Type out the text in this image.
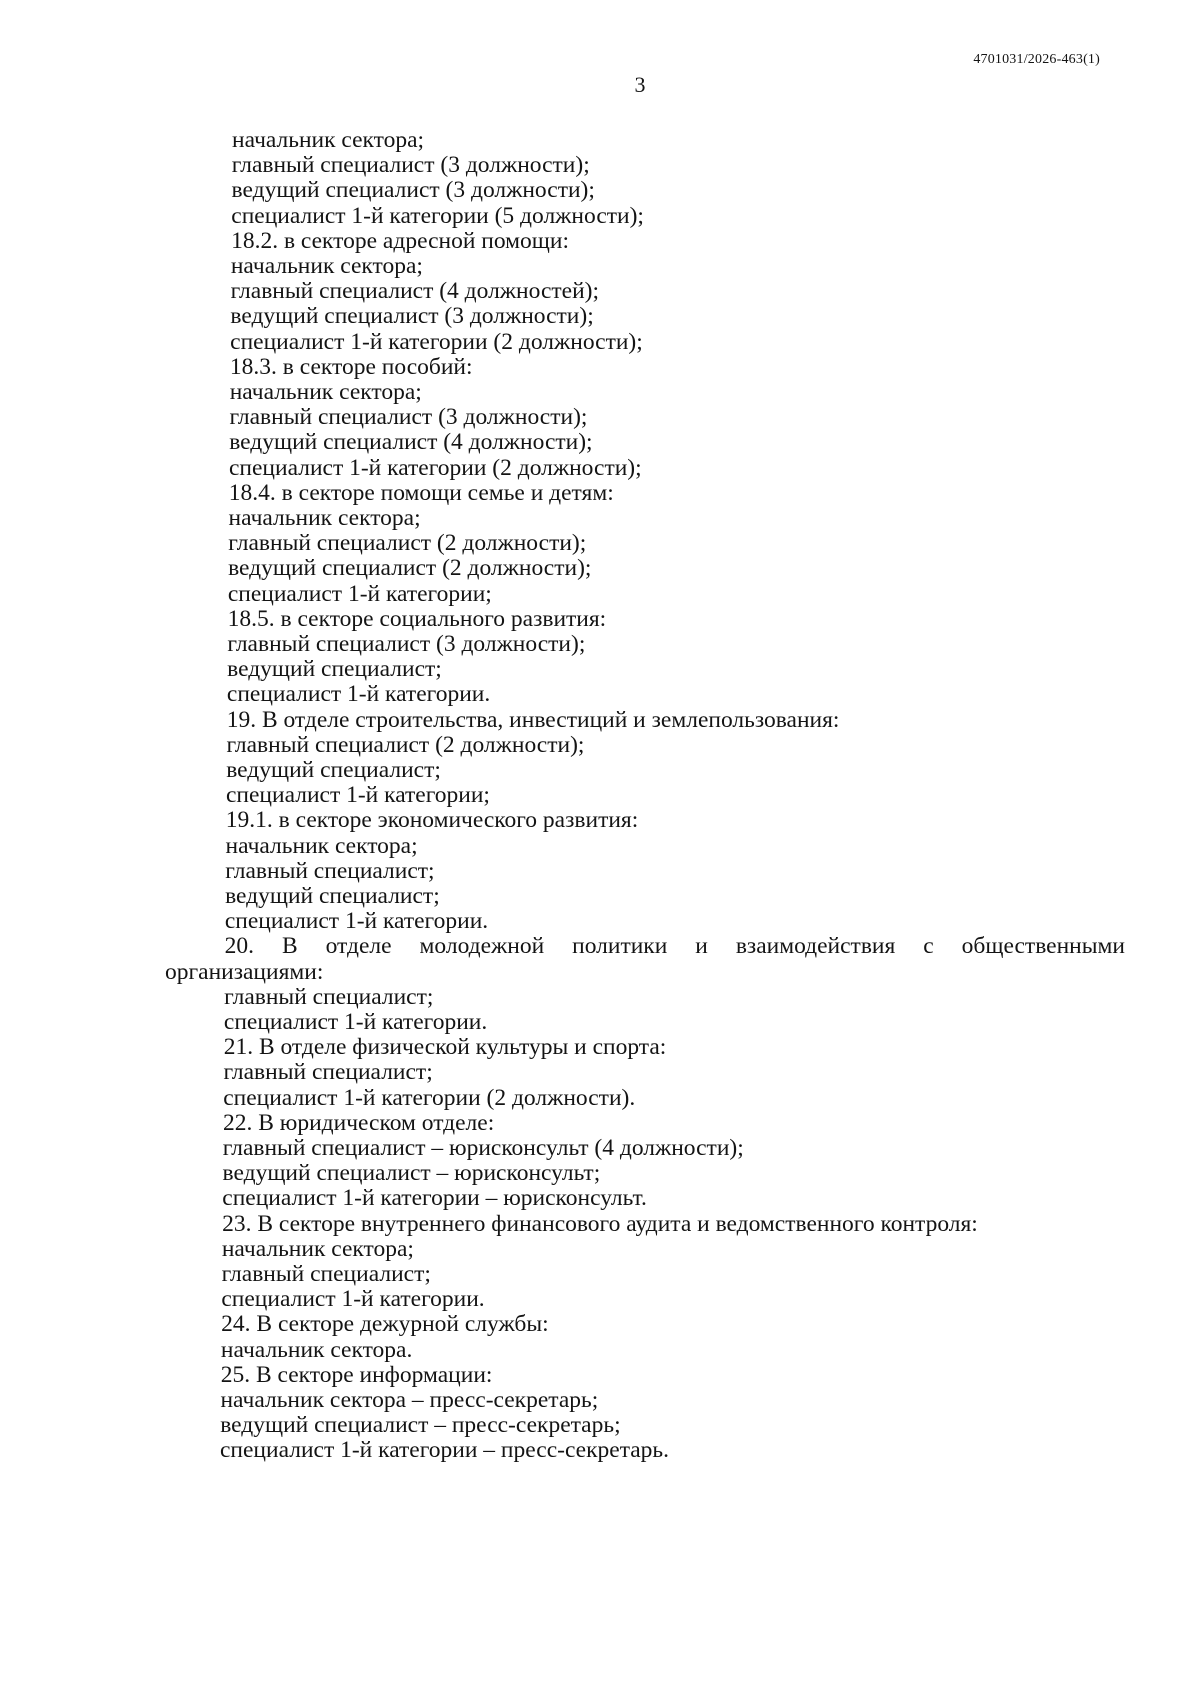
4701031/2026-463(1)
3
начальник сектора;
главный специалист (3 должности);
ведущий специалист (3 должности);
специалист 1-й категории (5 должности);
18.2. в секторе адресной помощи:
начальник сектора;
главный специалист (4 должностей);
ведущий специалист (3 должности);
специалист 1-й категории (2 должности);
18.3. в секторе пособий:
начальник сектора;
главный специалист (3 должности);
ведущий специалист (4 должности);
специалист 1-й категории (2 должности);
18.4. в секторе помощи семье и детям:
начальник сектора;
главный специалист (2 должности);
ведущий специалист (2 должности);
специалист 1-й категории;
18.5. в секторе социального развития:
главный специалист (3 должности);
ведущий специалист;
специалист 1-й категории.
19. В отделе строительства, инвестиций и землепользования:
главный специалист (2 должности);
ведущий специалист;
специалист 1-й категории;
19.1. в секторе экономического развития:
начальник сектора;
главный специалист;
ведущий специалист;
специалист 1-й категории.
20. В отделе молодежной политики и взаимодействия с общественными
организациями:
главный специалист;
специалист 1-й категории.
21. В отделе физической культуры и спорта:
главный специалист;
специалист 1-й категории (2 должности).
22. В юридическом отделе:
главный специалист – юрисконсульт (4 должности);
ведущий специалист – юрисконсульт;
специалист 1-й категории – юрисконсульт.
23. В секторе внутреннего финансового аудита и ведомственного контроля:
начальник сектора;
главный специалист;
специалист 1-й категории.
24. В секторе дежурной службы:
начальник сектора.
25. В секторе информации:
начальник сектора – пресс-секретарь;
ведущий специалист – пресс-секретарь;
специалист 1-й категории – пресс-секретарь.
